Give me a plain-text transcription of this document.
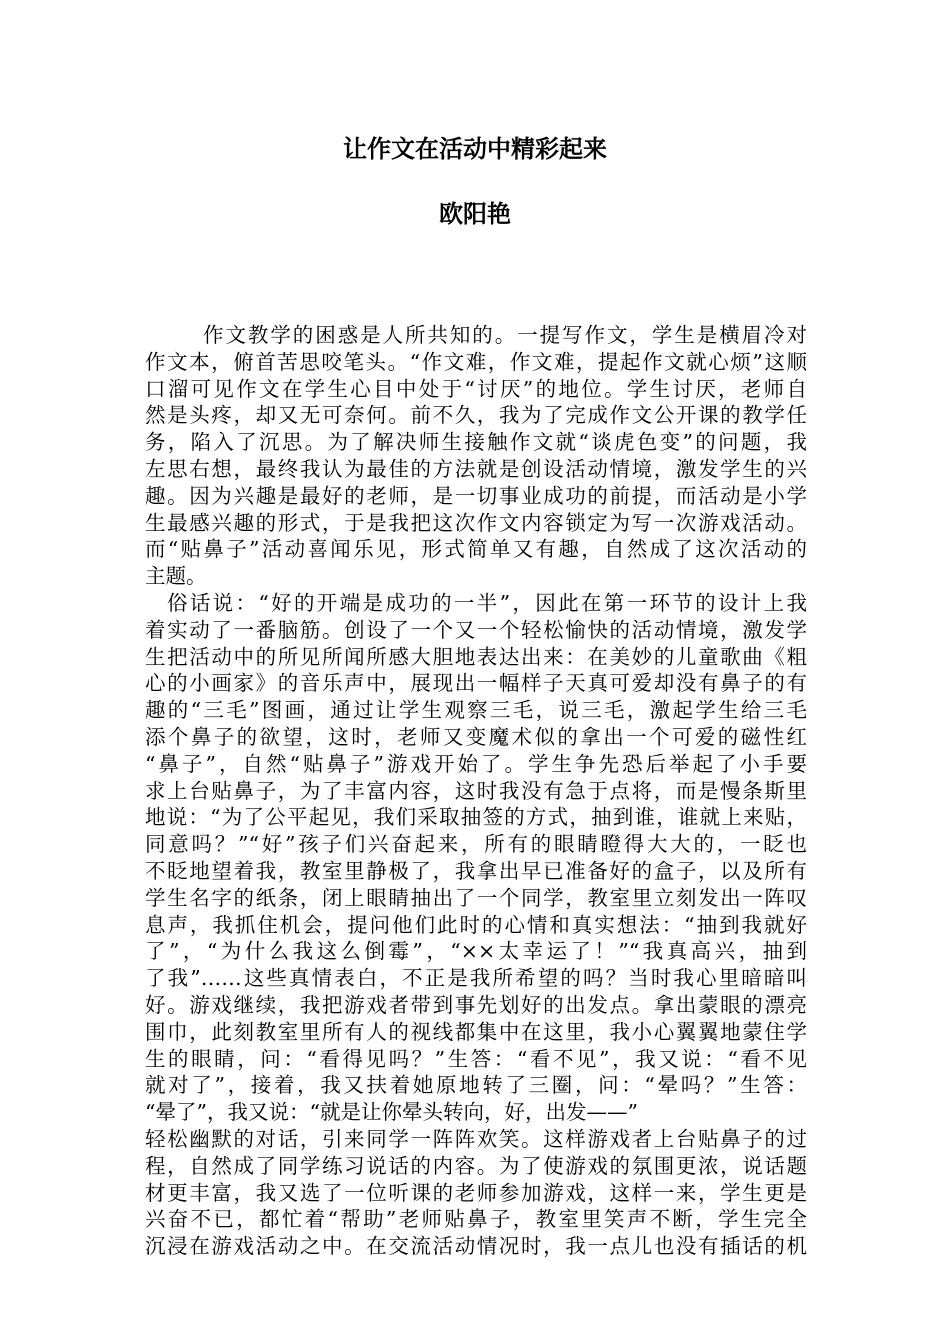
让作文在活动中精彩起来
欧阳艳
作文教学的困惑是人所共知的。一提写作文，学生是横眉冷对
作文本，俯首苦思咬笔头。“作文难，作文难，提起作文就心烦”这顺
口溜可见作文在学生心目中处于“讨厌”的地位。学生讨厌，老师自
然是头疼，却又无可奈何。前不久，我为了完成作文公开课的教学任
务，陷入了沉思。为了解决师生接触作文就“谈虎色变”的问题，我
左思右想，最终我认为最佳的方法就是创设活动情境，激发学生的兴
趣。因为兴趣是最好的老师，是一切事业成功的前提，而活动是小学
生最感兴趣的形式，于是我把这次作文内容锁定为写一次游戏活动。
而“贴鼻子”活动喜闻乐见，形式简单又有趣，自然成了这次活动的
主题。
俗话说：“好的开端是成功的一半”，因此在第一环节的设计上我
着实动了一番脑筋。创设了一个又一个轻松愉快的活动情境，激发学
生把活动中的所见所闻所感大胆地表达出来：在美妙的儿童歌曲《粗
心的小画家》的音乐声中，展现出一幅样子天真可爱却没有鼻子的有
趣的“三毛”图画，通过让学生观察三毛，说三毛，激起学生给三毛
添个鼻子的欲望，这时，老师又变魔术似的拿出一个可爱的磁性红
“鼻子”，自然“贴鼻子”游戏开始了。学生争先恐后举起了小手要
求上台贴鼻子，为了丰富内容，这时我没有急于点将，而是慢条斯里
地说：“为了公平起见，我们采取抽签的方式，抽到谁，谁就上来贴，
同意吗？”“好”孩子们兴奋起来，所有的眼睛瞪得大大的，一眨也
不眨地望着我，教室里静极了，我拿出早已准备好的盒子，以及所有
学生名字的纸条，闭上眼睛抽出了一个同学，教室里立刻发出一阵叹
息声，我抓住机会，提问他们此时的心情和真实想法：“抽到我就好
了”，“为什么我这么倒霉”，“××太幸运了！”“我真高兴，抽到
了我”……这些真情表白，不正是我所希望的吗？当时我心里暗暗叫
好。游戏继续，我把游戏者带到事先划好的出发点。拿出蒙眼的漂亮
围巾，此刻教室里所有人的视线都集中在这里，我小心翼翼地蒙住学
生的眼睛，问：“看得见吗？”生答：“看不见”，我又说：“看不见
就对了”，接着，我又扶着她原地转了三圈，问：“晕吗？”生答：
“晕了”，我又说：“就是让你晕头转向，好，出发——”
轻松幽默的对话，引来同学一阵阵欢笑。这样游戏者上台贴鼻子的过
程，自然成了同学练习说话的内容。为了使游戏的氛围更浓，说话题
材更丰富，我又选了一位听课的老师参加游戏，这样一来，学生更是
兴奋不已，都忙着“帮助”老师贴鼻子，教室里笑声不断，学生完全
沉浸在游戏活动之中。在交流活动情况时，我一点儿也没有插话的机
